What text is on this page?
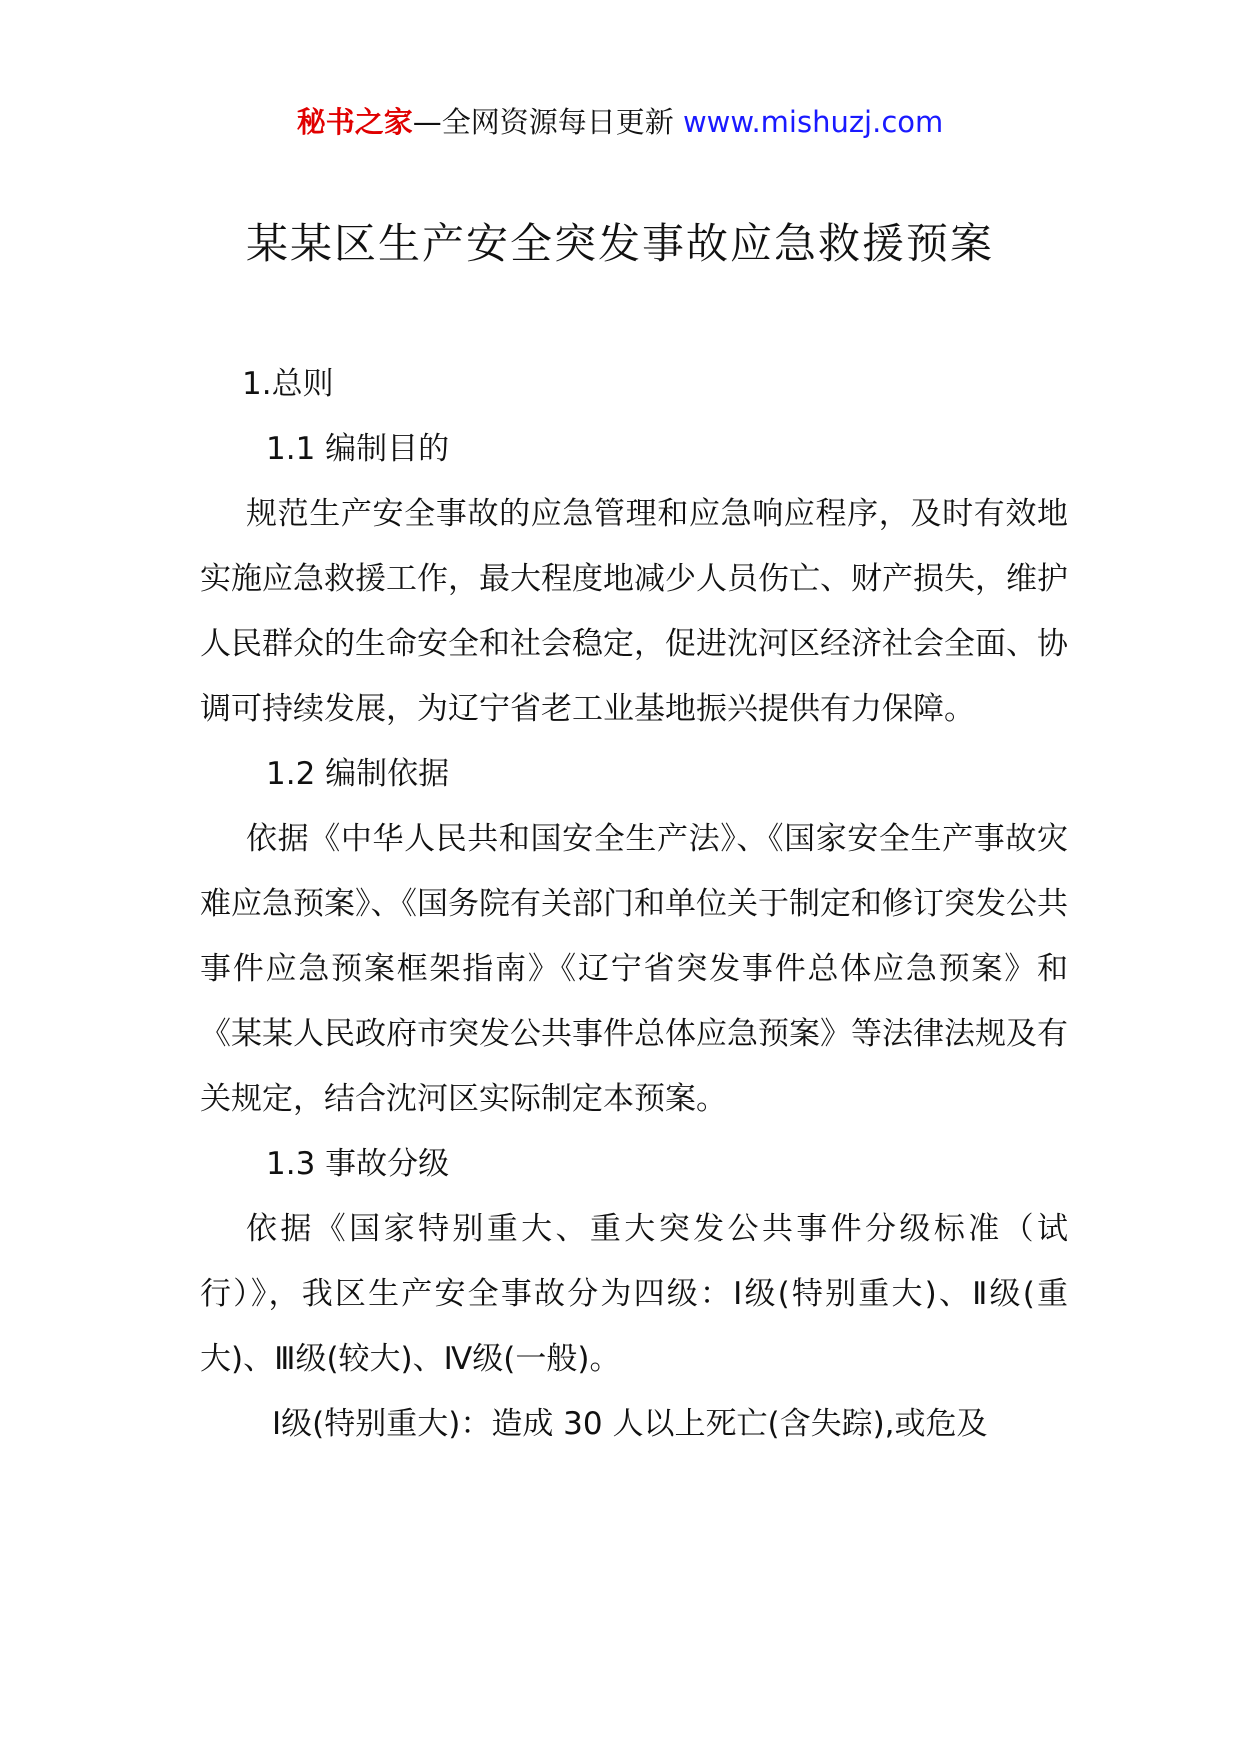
秘书之家—全网资源每日更新 www.mishuzj.com
某某区生产安全突发事故应急救援预案
1.总则
1.1 编制目的

规范生产安全事故的应急管理和应急响应程序，及时有效地实施应急救援工作，最大程度地减少人员伤亡、财产损失，维护人民群众的生命安全和社会稳定，促进沈河区经济社会全面、协调可持续发展，为辽宁省老工业基地振兴提供有力保障。

1.2 编制依据

依据《中华人民共和国安全生产法》、《国家安全生产事故灾难应急预案》、《国务院有关部门和单位关于制定和修订突发公共事件应急预案框架指南》《辽宁省突发事件总体应急预案》和《某某人民政府市突发公共事件总体应急预案》等法律法规及有关规定，结合沈河区实际制定本预案。

1.3 事故分级

依据《国家特别重大、重大突发公共事件分级标准（试行）》，我区生产安全事故分为四级：Ⅰ级(特别重大)、Ⅱ级(重大)、Ⅲ级(较大)、Ⅳ级(一般)。

Ⅰ级(特别重大)：造成 30 人以上死亡(含失踪),或危及
